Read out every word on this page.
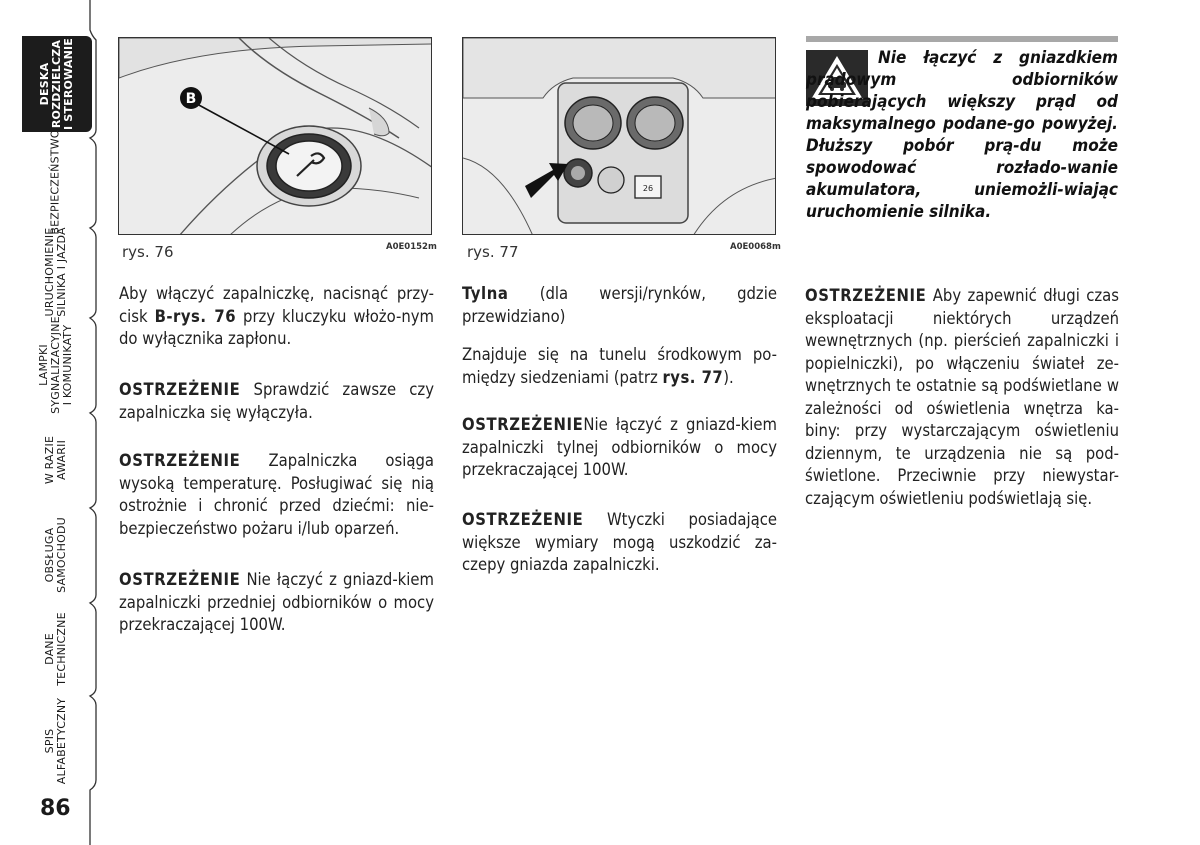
DESKA
ROZDZIELCZA
I STEROWANIE
BEZPIECZEŃSTWO
URUCHOMIENIE
SILNIKA I JAZDA
LAMPKI
SYGNALIZACYJNE
I KOMUNIKATY
W RAZIE
AWARII
OBSŁUGA
SAMOCHODU
DANE
TECHNICZNE
SPIS
ALFABETYCZNY
86
B
rys. 76	A0E0152m
26
rys. 77	A0E0068m
Aby włączyć zapalniczkę, nacisnąć przy-cisk B-rys. 76 przy kluczyku włożo-nym do wyłącznika zapłonu.
OSTRZEŻENIE Sprawdzić zawsze czy zapalniczka się wyłączyła.
OSTRZEŻENIE Zapalniczka osiąga wysoką temperaturę. Posługiwać się nią ostrożnie i chronić przed dziećmi: nie-bezpieczeństwo pożaru i/lub oparzeń.
OSTRZEŻENIE Nie łączyć z gniazd-kiem zapalniczki przedniej odbiorników o mocy przekraczającej 100W.
Tylna (dla wersji/rynków, gdzie przewidziano)
Znajduje się na tunelu środkowym po-między siedzeniami (patrz rys. 77).
OSTRZEŻENIENie łączyć z gniazd-kiem zapalniczki tylnej odbiorników o mocy przekraczającej 100W.
OSTRZEŻENIE Wtyczki posiadające większe wymiary mogą uszkodzić za-czepy gniazda zapalniczki.
Nie łączyć z gniazdkiem prądowym odbiorników pobierających większy prąd od maksymalnego podane-go powyżej. Dłuższy pobór prą-du może spowodować rozłado-wanie akumulatora, uniemożli-wiając uruchomienie silnika.
OSTRZEŻENIE Aby zapewnić długi czas eksploatacji niektórych urządzeń wewnętrznych (np. pierścień zapalniczki i popielniczki), po włączeniu świateł ze-wnętrznych te ostatnie są podświetlane w zależności od oświetlenia wnętrza ka-biny: przy wystarczającym oświetleniu dziennym, te urządzenia nie są pod-świetlone. Przeciwnie przy niewystar-czającym oświetleniu podświetlają się.
